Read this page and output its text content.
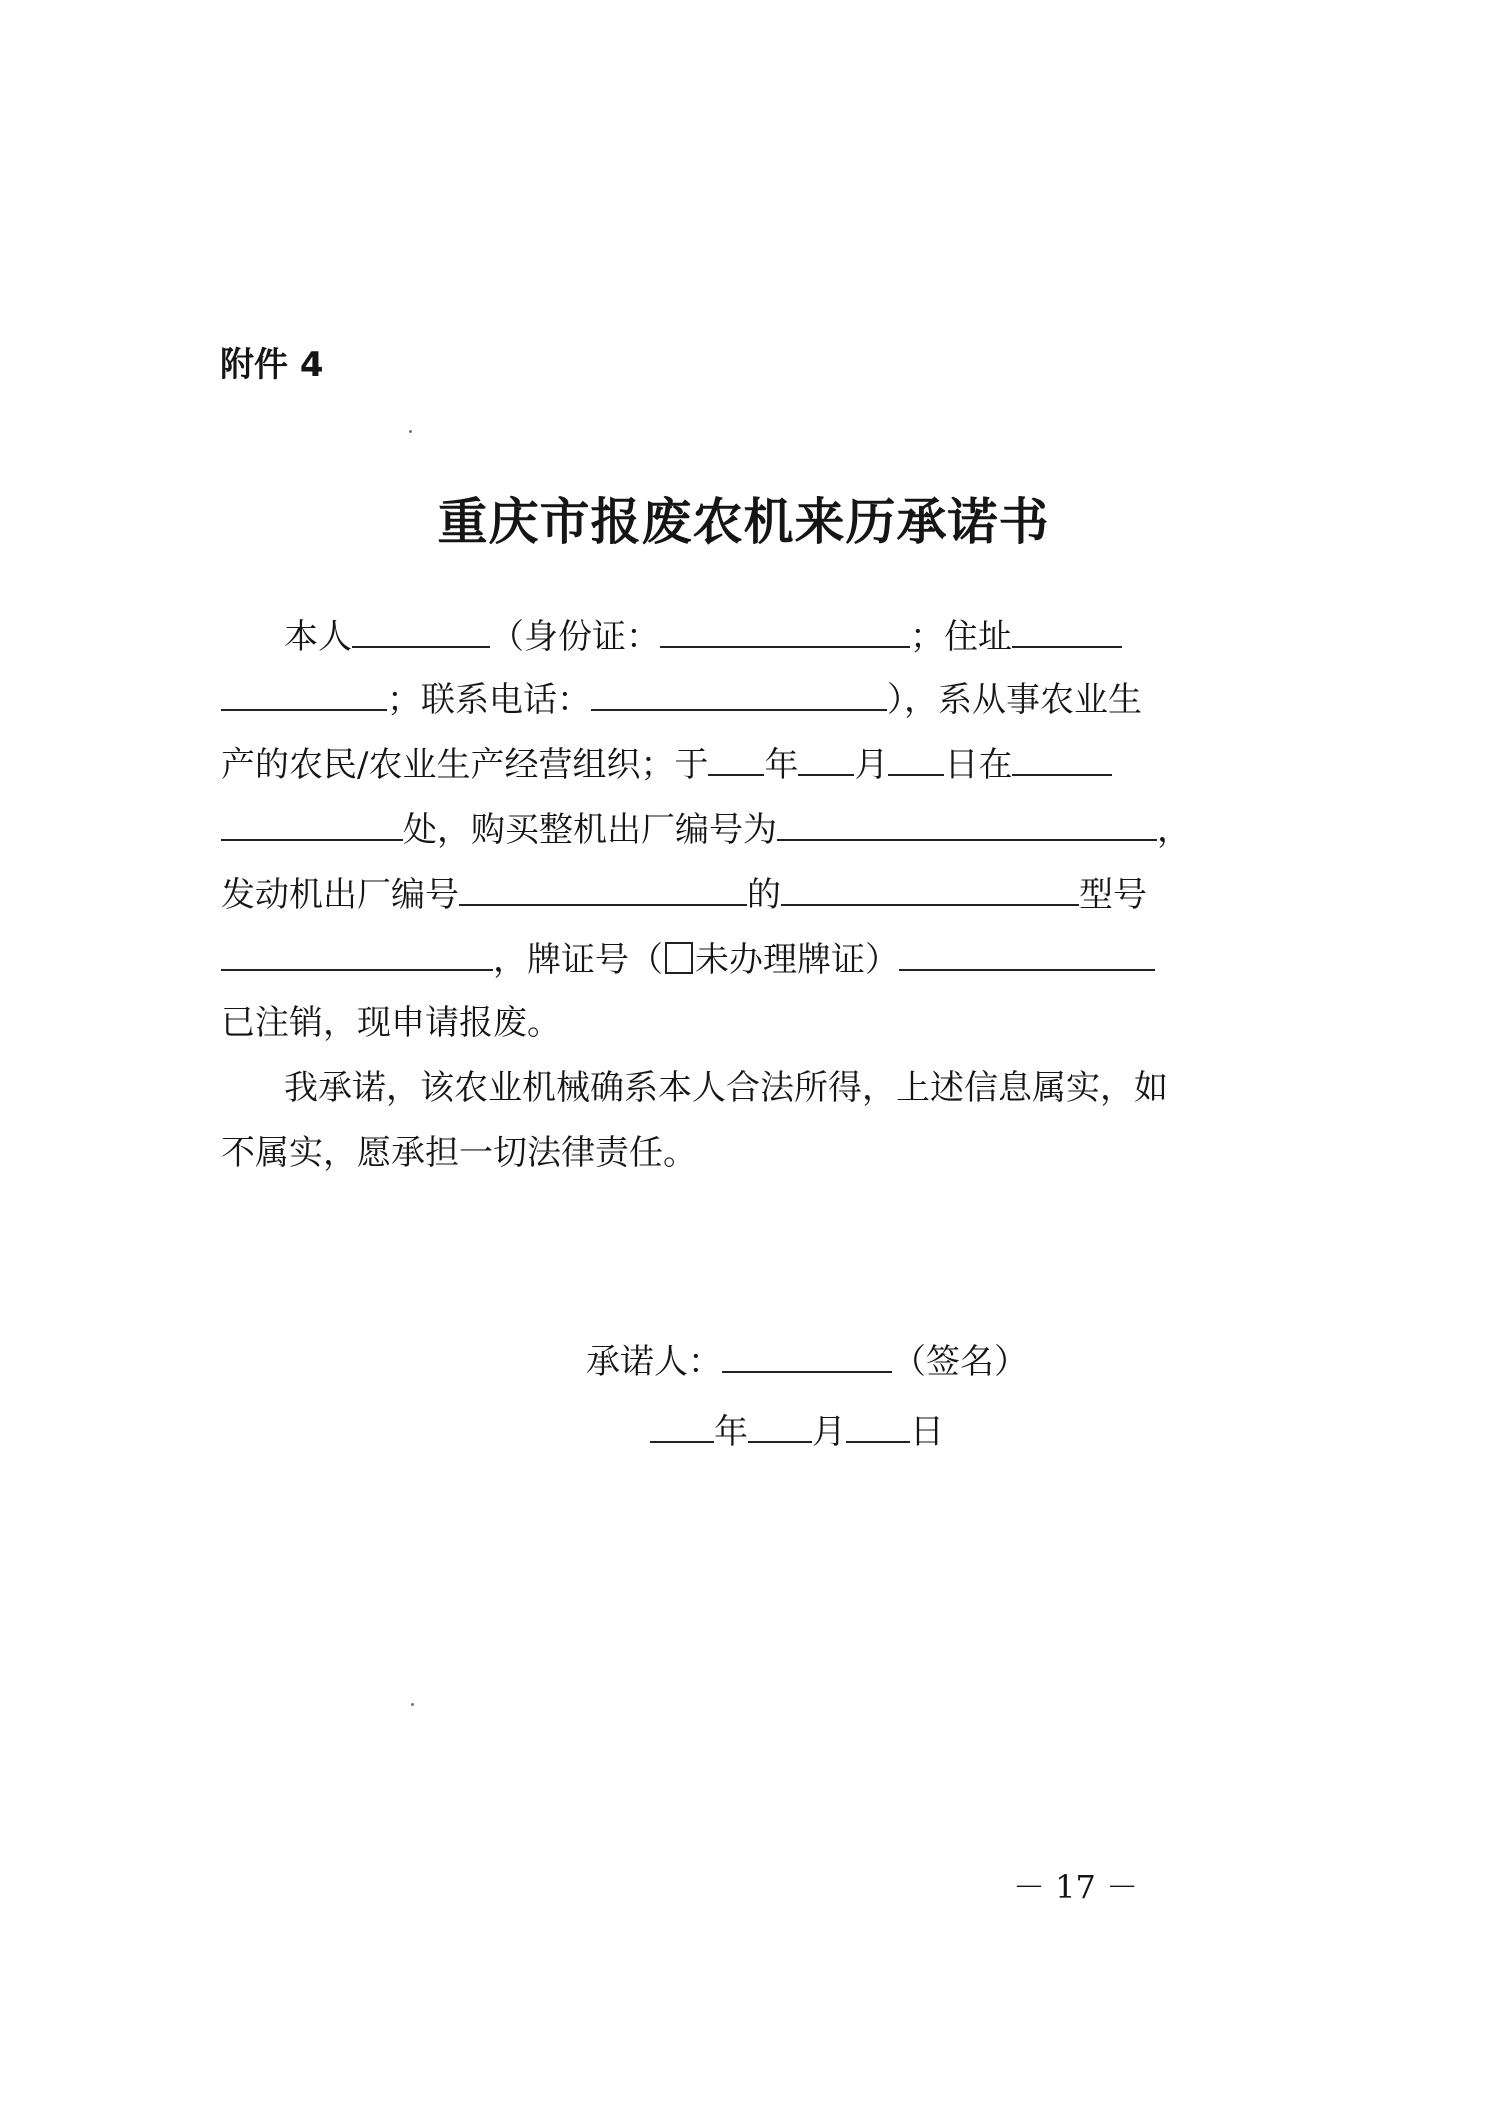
附件 4
重庆市报废农机来历承诺书
本人	（身份证：	；住址
；联系电话：	），系从事农业生
产的农民/农业生产经营组织；于 年 月 日在
处，购买整机出厂编号为	，
发动机出厂编号	的	型号
，牌证号（ 未办理牌证）
已注销，现申请报废。
我承诺，该农业机械确系本人合法所得，上述信息属实，如
不属实，愿承担一切法律责任。
承诺人：	（签名）
年 月 日
－ 17 －
